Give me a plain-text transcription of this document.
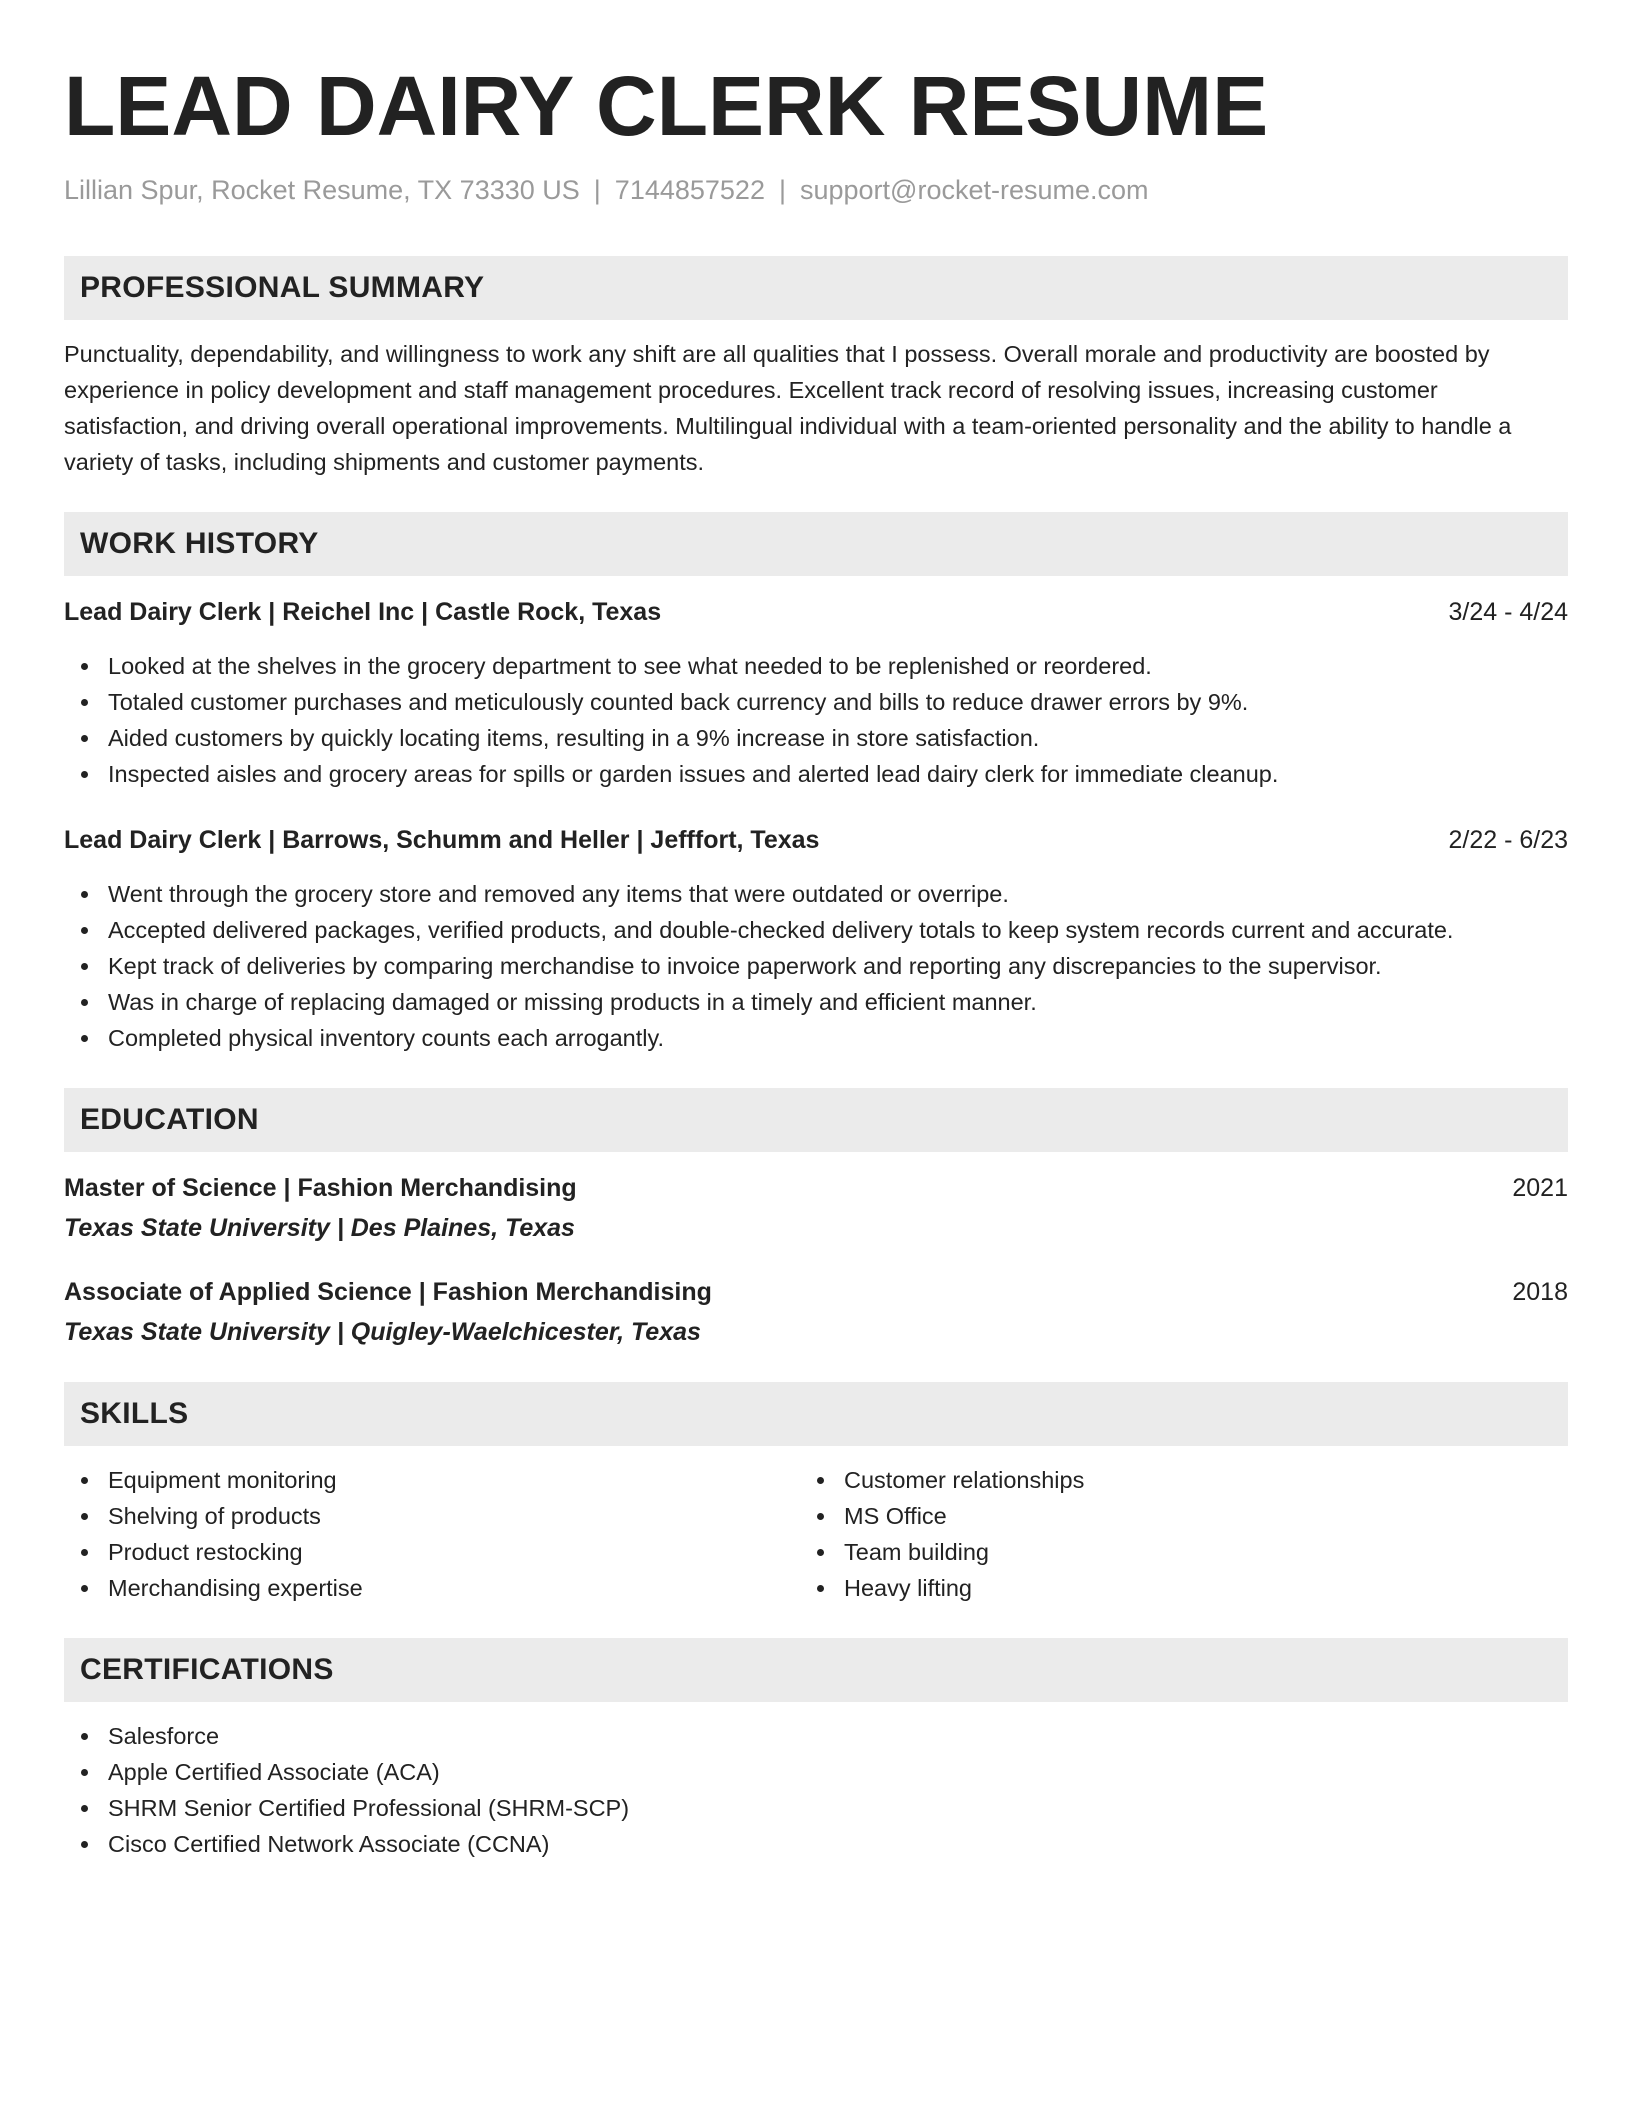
LEAD DAIRY CLERK RESUME
Lillian Spur, Rocket Resume, TX 73330 US | 7144857522 | support@rocket-resume.com
PROFESSIONAL SUMMARY
Punctuality, dependability, and willingness to work any shift are all qualities that I possess. Overall morale and productivity are boosted by experience in policy development and staff management procedures. Excellent track record of resolving issues, increasing customer satisfaction, and driving overall operational improvements. Multilingual individual with a team-oriented personality and the ability to handle a variety of tasks, including shipments and customer payments.
WORK HISTORY
Lead Dairy Clerk | Reichel Inc | Castle Rock, Texas	3/24 - 4/24
Looked at the shelves in the grocery department to see what needed to be replenished or reordered.
Totaled customer purchases and meticulously counted back currency and bills to reduce drawer errors by 9%.
Aided customers by quickly locating items, resulting in a 9% increase in store satisfaction.
Inspected aisles and grocery areas for spills or garden issues and alerted lead dairy clerk for immediate cleanup.
Lead Dairy Clerk | Barrows, Schumm and Heller | Jefffort, Texas	2/22 - 6/23
Went through the grocery store and removed any items that were outdated or overripe.
Accepted delivered packages, verified products, and double-checked delivery totals to keep system records current and accurate.
Kept track of deliveries by comparing merchandise to invoice paperwork and reporting any discrepancies to the supervisor.
Was in charge of replacing damaged or missing products in a timely and efficient manner.
Completed physical inventory counts each arrogantly.
EDUCATION
Master of Science | Fashion Merchandising	2021
Texas State University | Des Plaines, Texas
Associate of Applied Science | Fashion Merchandising	2018
Texas State University | Quigley-Waelchicester, Texas
SKILLS
Equipment monitoring
Shelving of products
Product restocking
Merchandising expertise
Customer relationships
MS Office
Team building
Heavy lifting
CERTIFICATIONS
Salesforce
Apple Certified Associate (ACA)
SHRM Senior Certified Professional (SHRM-SCP)
Cisco Certified Network Associate (CCNA)
